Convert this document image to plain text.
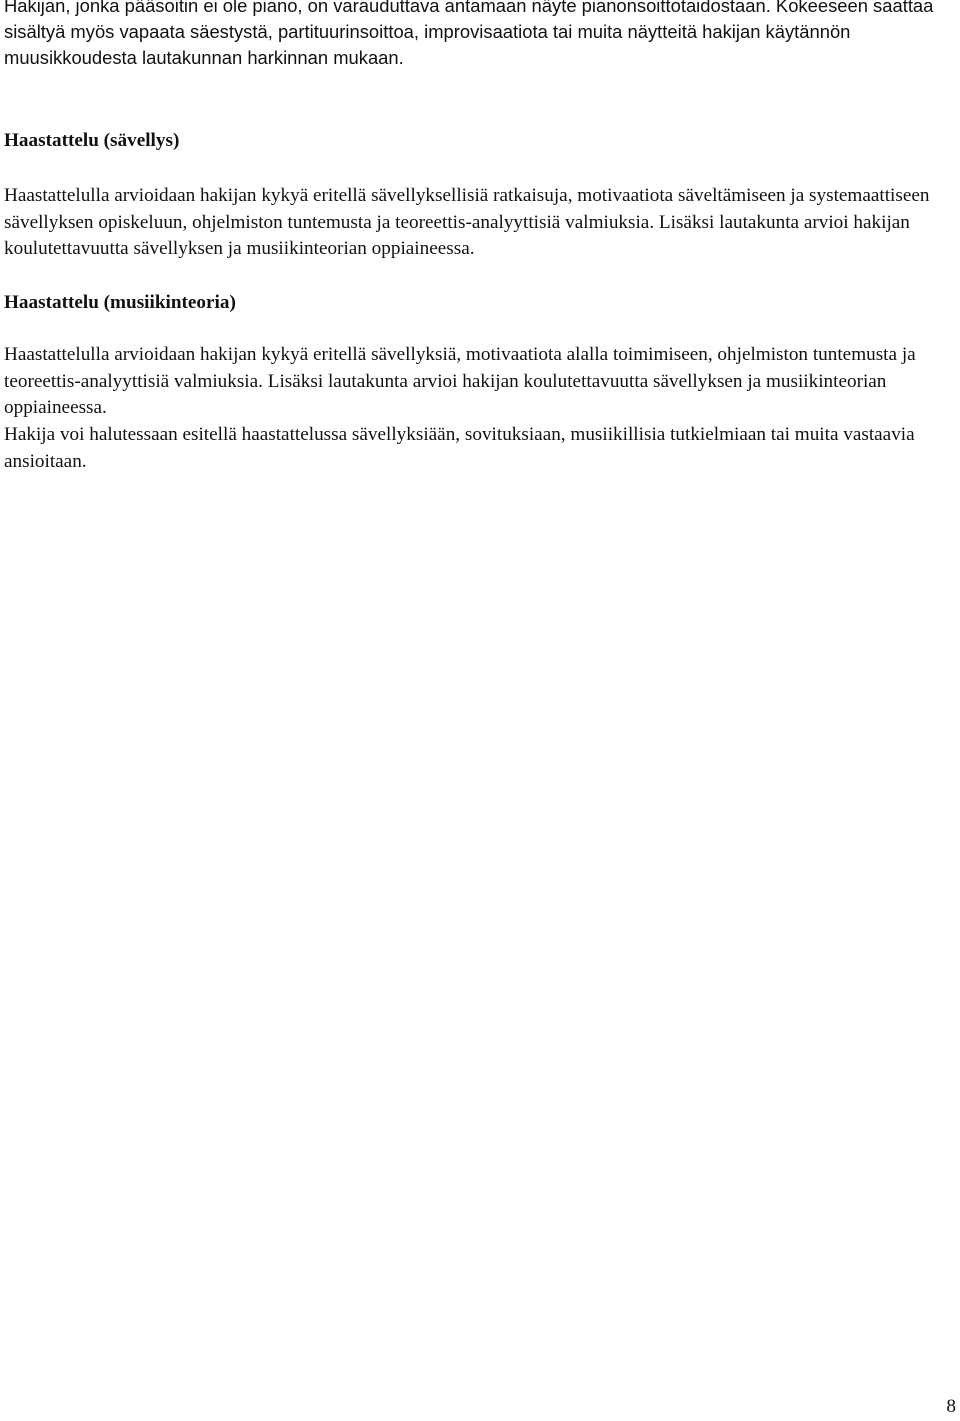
Hakijan, jonka pääsoitin ei ole piano, on varauduttava antamaan näyte pianonsoittotaidostaan. Kokeeseen saattaa sisältyä myös vapaata säestystä, partituurinsoittoa, improvisaatiota tai muita näytteitä hakijan käytännön muusikkoudesta lautakunnan harkinnan mukaan.

Haastattelu (sävellys)

Haastattelulla arvioidaan hakijan kykyä eritellä sävellyksellisiä ratkaisuja, motivaatiota säveltämiseen ja systemaattiseen sävellyksen opiskeluun, ohjelmiston tuntemusta ja teoreettis-analyyttisiä valmiuksia. Lisäksi lautakunta arvioi hakijan koulutettavuutta sävellyksen ja musiikinteorian oppiaineessa.

Haastattelu (musiikinteoria)

Haastattelulla arvioidaan hakijan kykyä eritellä sävellyksiä, motivaatiota alalla toimimiseen, ohjelmiston tuntemusta ja teoreettis-analyyttisiä valmiuksia. Lisäksi lautakunta arvioi hakijan koulutettavuutta sävellyksen ja musiikinteorian oppiaineessa.

Hakija voi halutessaan esitellä haastattelussa sävellyksiään, sovituksiaan, musiikillisia tutkielmiaan tai muita vastaavia ansioitaan.

8
